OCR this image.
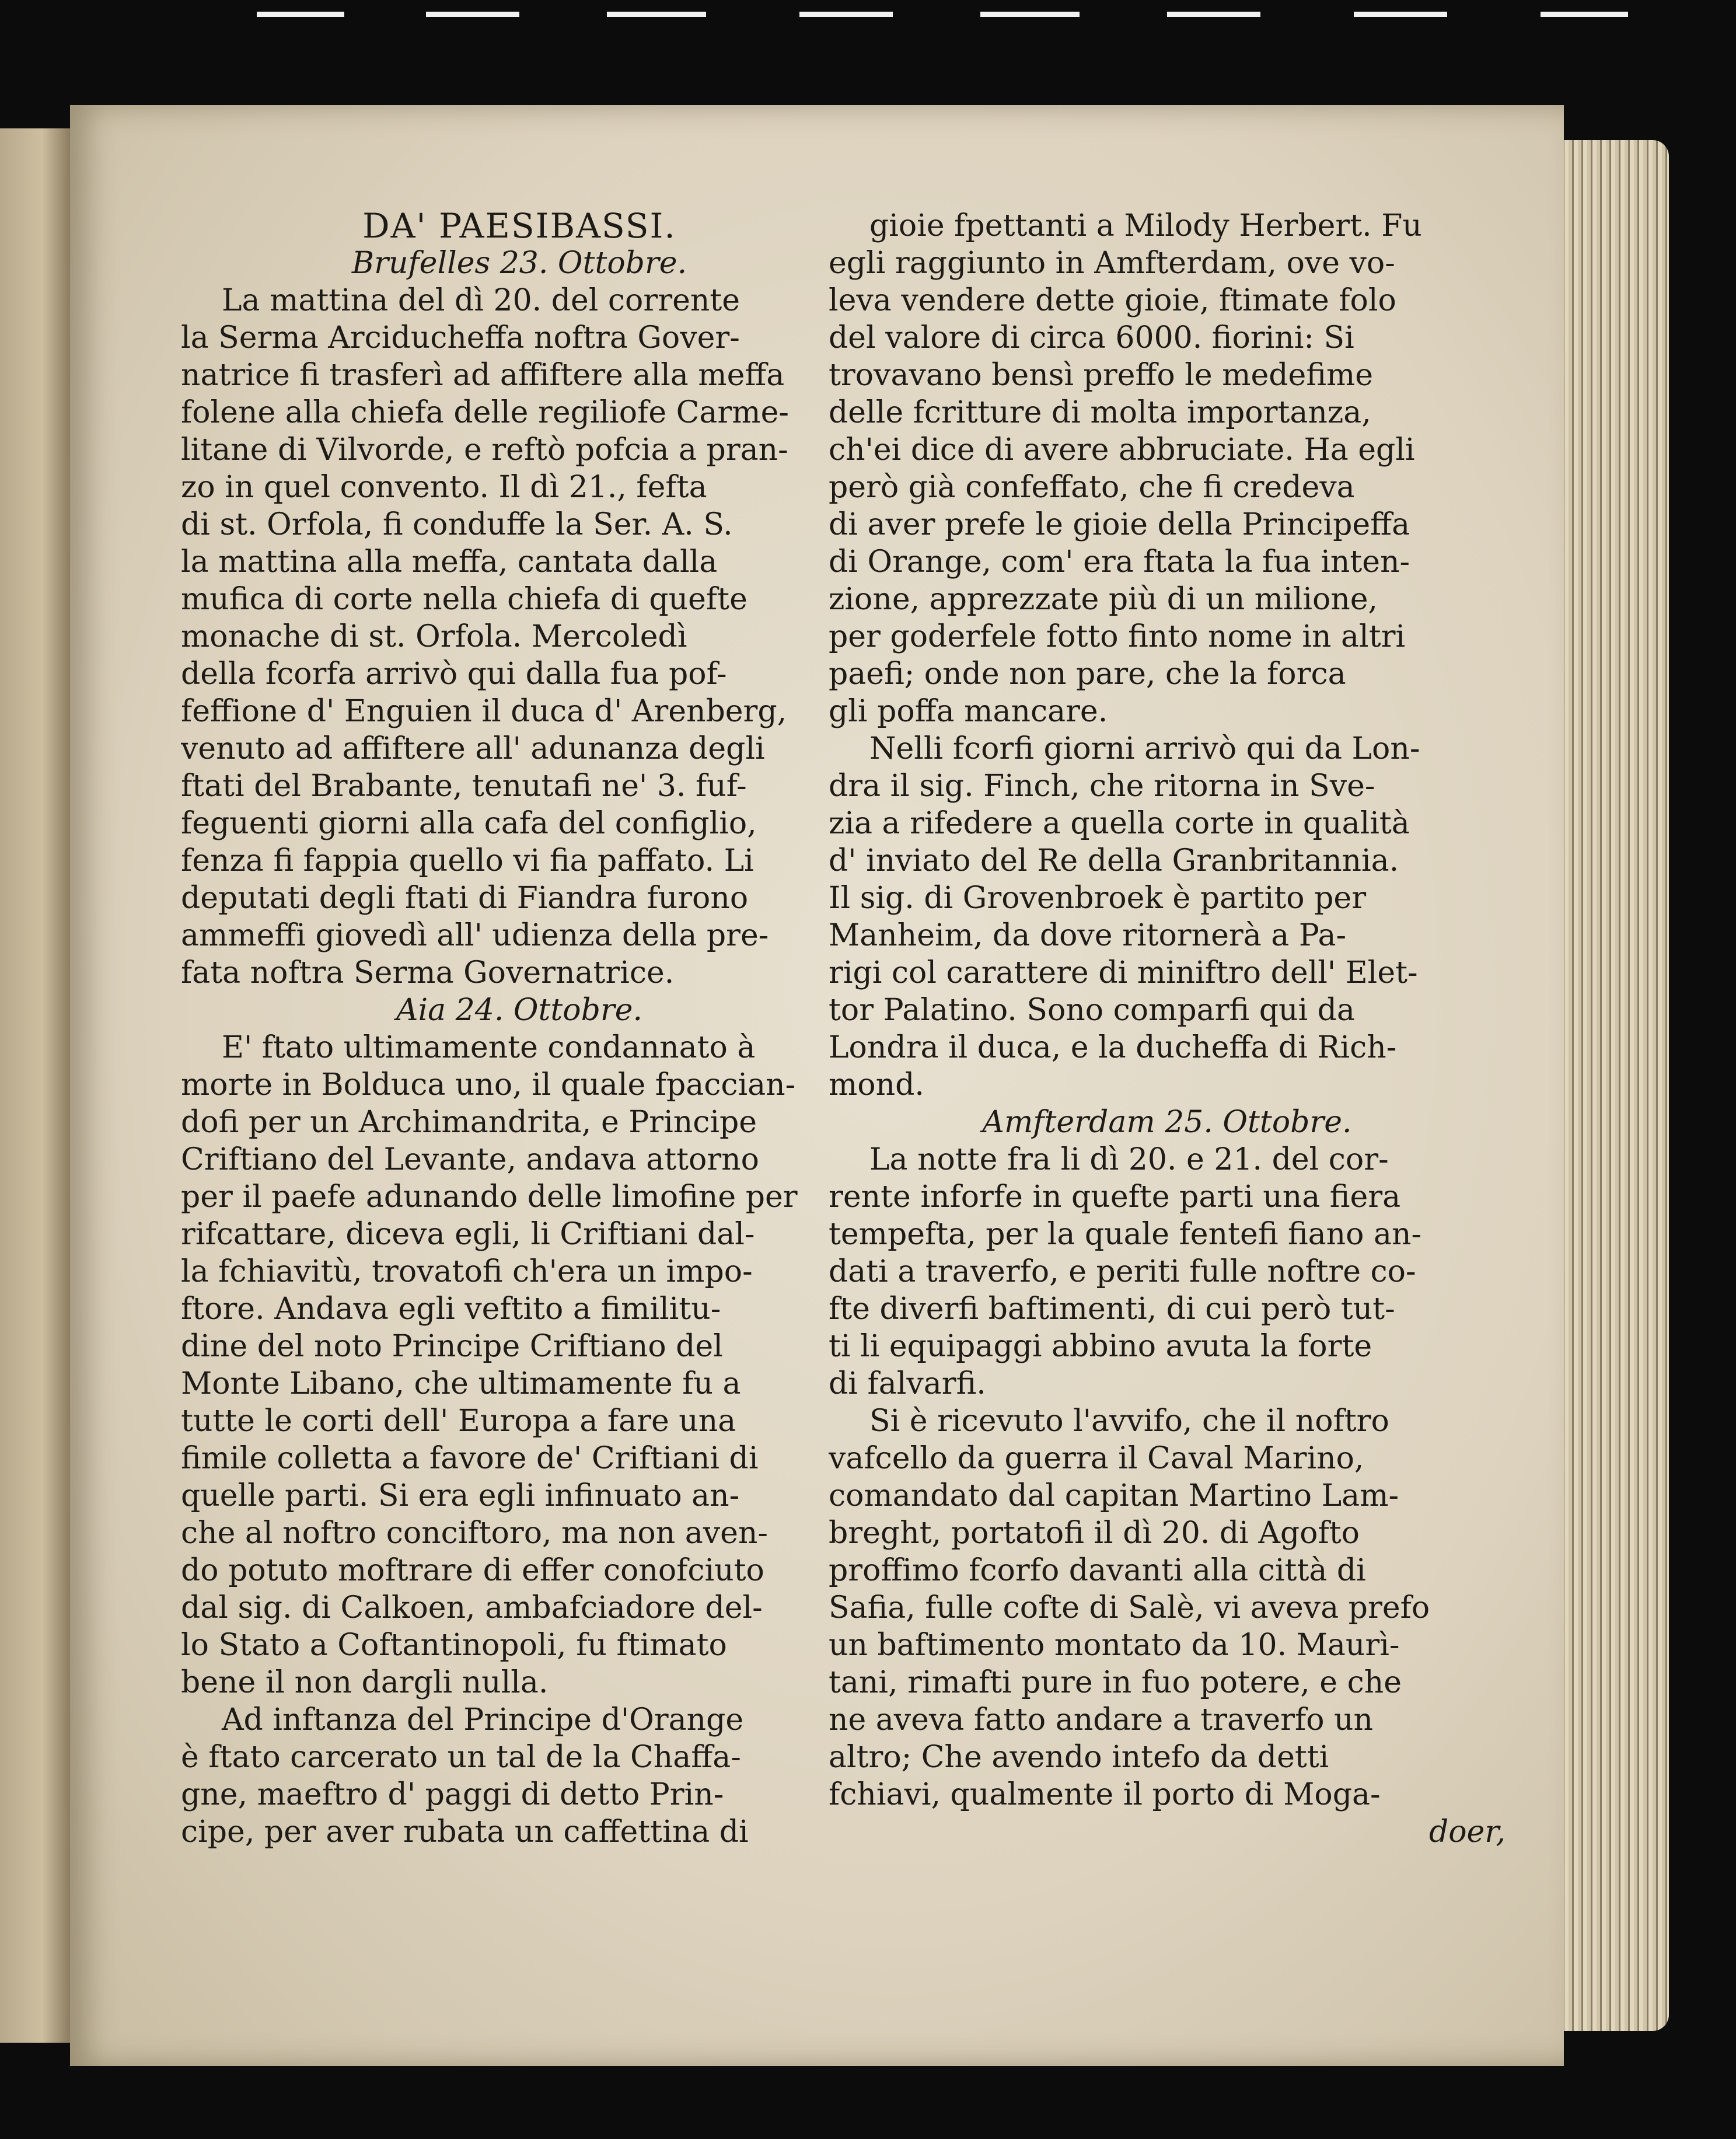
DA' PAESIBASSI.
Brufelles 23. Ottobre.
La mattina del dì 20. del corrente
la Serma Arciducheffa noftra Gover-
natrice fi trasferì ad affiftere alla meffa
folene alla chiefa delle regiliofe Carme-
litane di Vilvorde, e reftò pofcia a pran-
zo in quel convento. Il dì 21., fefta
di st. Orfola, fi conduffe la Ser. A. S.
la mattina alla meffa, cantata dalla
mufica di corte nella chiefa di quefte
monache di st. Orfola. Mercoledì
della fcorfa arrivò qui dalla fua pof-
feffione d' Enguien il duca d' Arenberg,
venuto ad affiftere all' adunanza degli
ftati del Brabante, tenutafi ne' 3. fuf-
feguenti giorni alla cafa del configlio,
fenza fi fappia quello vi fia paffato. Li
deputati degli ftati di Fiandra furono
ammeffi giovedì all' udienza della pre-
fata noftra Serma Governatrice.
Aia 24. Ottobre.
E' ftato ultimamente condannato à
morte in Bolduca uno, il quale fpaccian-
dofi per un Archimandrita, e Principe
Criftiano del Levante, andava attorno
per il paefe adunando delle limofine per
rifcattare, diceva egli, li Criftiani dal-
la fchiavitù, trovatofi ch'era un impo-
ftore. Andava egli veftito a fimilitu-
dine del noto Principe Criftiano del
Monte Libano, che ultimamente fu a
tutte le corti dell' Europa a fare una
fimile colletta a favore de' Criftiani di
quelle parti. Si era egli infinuato an-
che al noftro conciftoro, ma non aven-
do potuto moftrare di effer conofciuto
dal sig. di Calkoen, ambafciadore del-
lo Stato a Coftantinopoli, fu ftimato
bene il non dargli nulla.
Ad inftanza del Principe d'Orange
è ftato carcerato un tal de la Chaffa-
gne, maeftro d' paggi di detto Prin-
cipe, per aver rubata un caffettina di
gioie fpettanti a Milody Herbert. Fu
egli raggiunto in Amfterdam, ove vo-
leva vendere dette gioie, ftimate folo
del valore di circa 6000. fiorini: Si
trovavano bensì preffo le medefime
delle fcritture di molta importanza,
ch'ei dice di avere abbruciate. Ha egli
però già confeffato, che fi credeva
di aver prefe le gioie della Principeffa
di Orange, com' era ftata la fua inten-
zione, apprezzate più di un milione,
per goderfele fotto finto nome in altri
paefi; onde non pare, che la forca
gli poffa mancare.
Nelli fcorfi giorni arrivò qui da Lon-
dra il sig. Finch, che ritorna in Sve-
zia a rifedere a quella corte in qualità
d' inviato del Re della Granbritannia.
Il sig. di Grovenbroek è partito per
Manheim, da dove ritornerà a Pa-
rigi col carattere di miniftro dell' Elet-
tor Palatino. Sono comparfi qui da
Londra il duca, e la ducheffa di Rich-
mond.
Amfterdam 25. Ottobre.
La notte fra li dì 20. e 21. del cor-
rente inforfe in quefte parti una fiera
tempefta, per la quale fentefi fiano an-
dati a traverfo, e periti fulle noftre co-
fte diverfi baftimenti, di cui però tut-
ti li equipaggi abbino avuta la forte
di falvarfi.
Si è ricevuto l'avvifo, che il noftro
vafcello da guerra il Caval Marino,
comandato dal capitan Martino Lam-
breght, portatofi il dì 20. di Agofto
proffimo fcorfo davanti alla città di
Safia, fulle cofte di Salè, vi aveva prefo
un baftimento montato da 10. Maurì-
tani, rimafti pure in fuo potere, e che
ne aveva fatto andare a traverfo un
altro; Che avendo intefo da detti
fchiavi, qualmente il porto di Moga-
doer,
